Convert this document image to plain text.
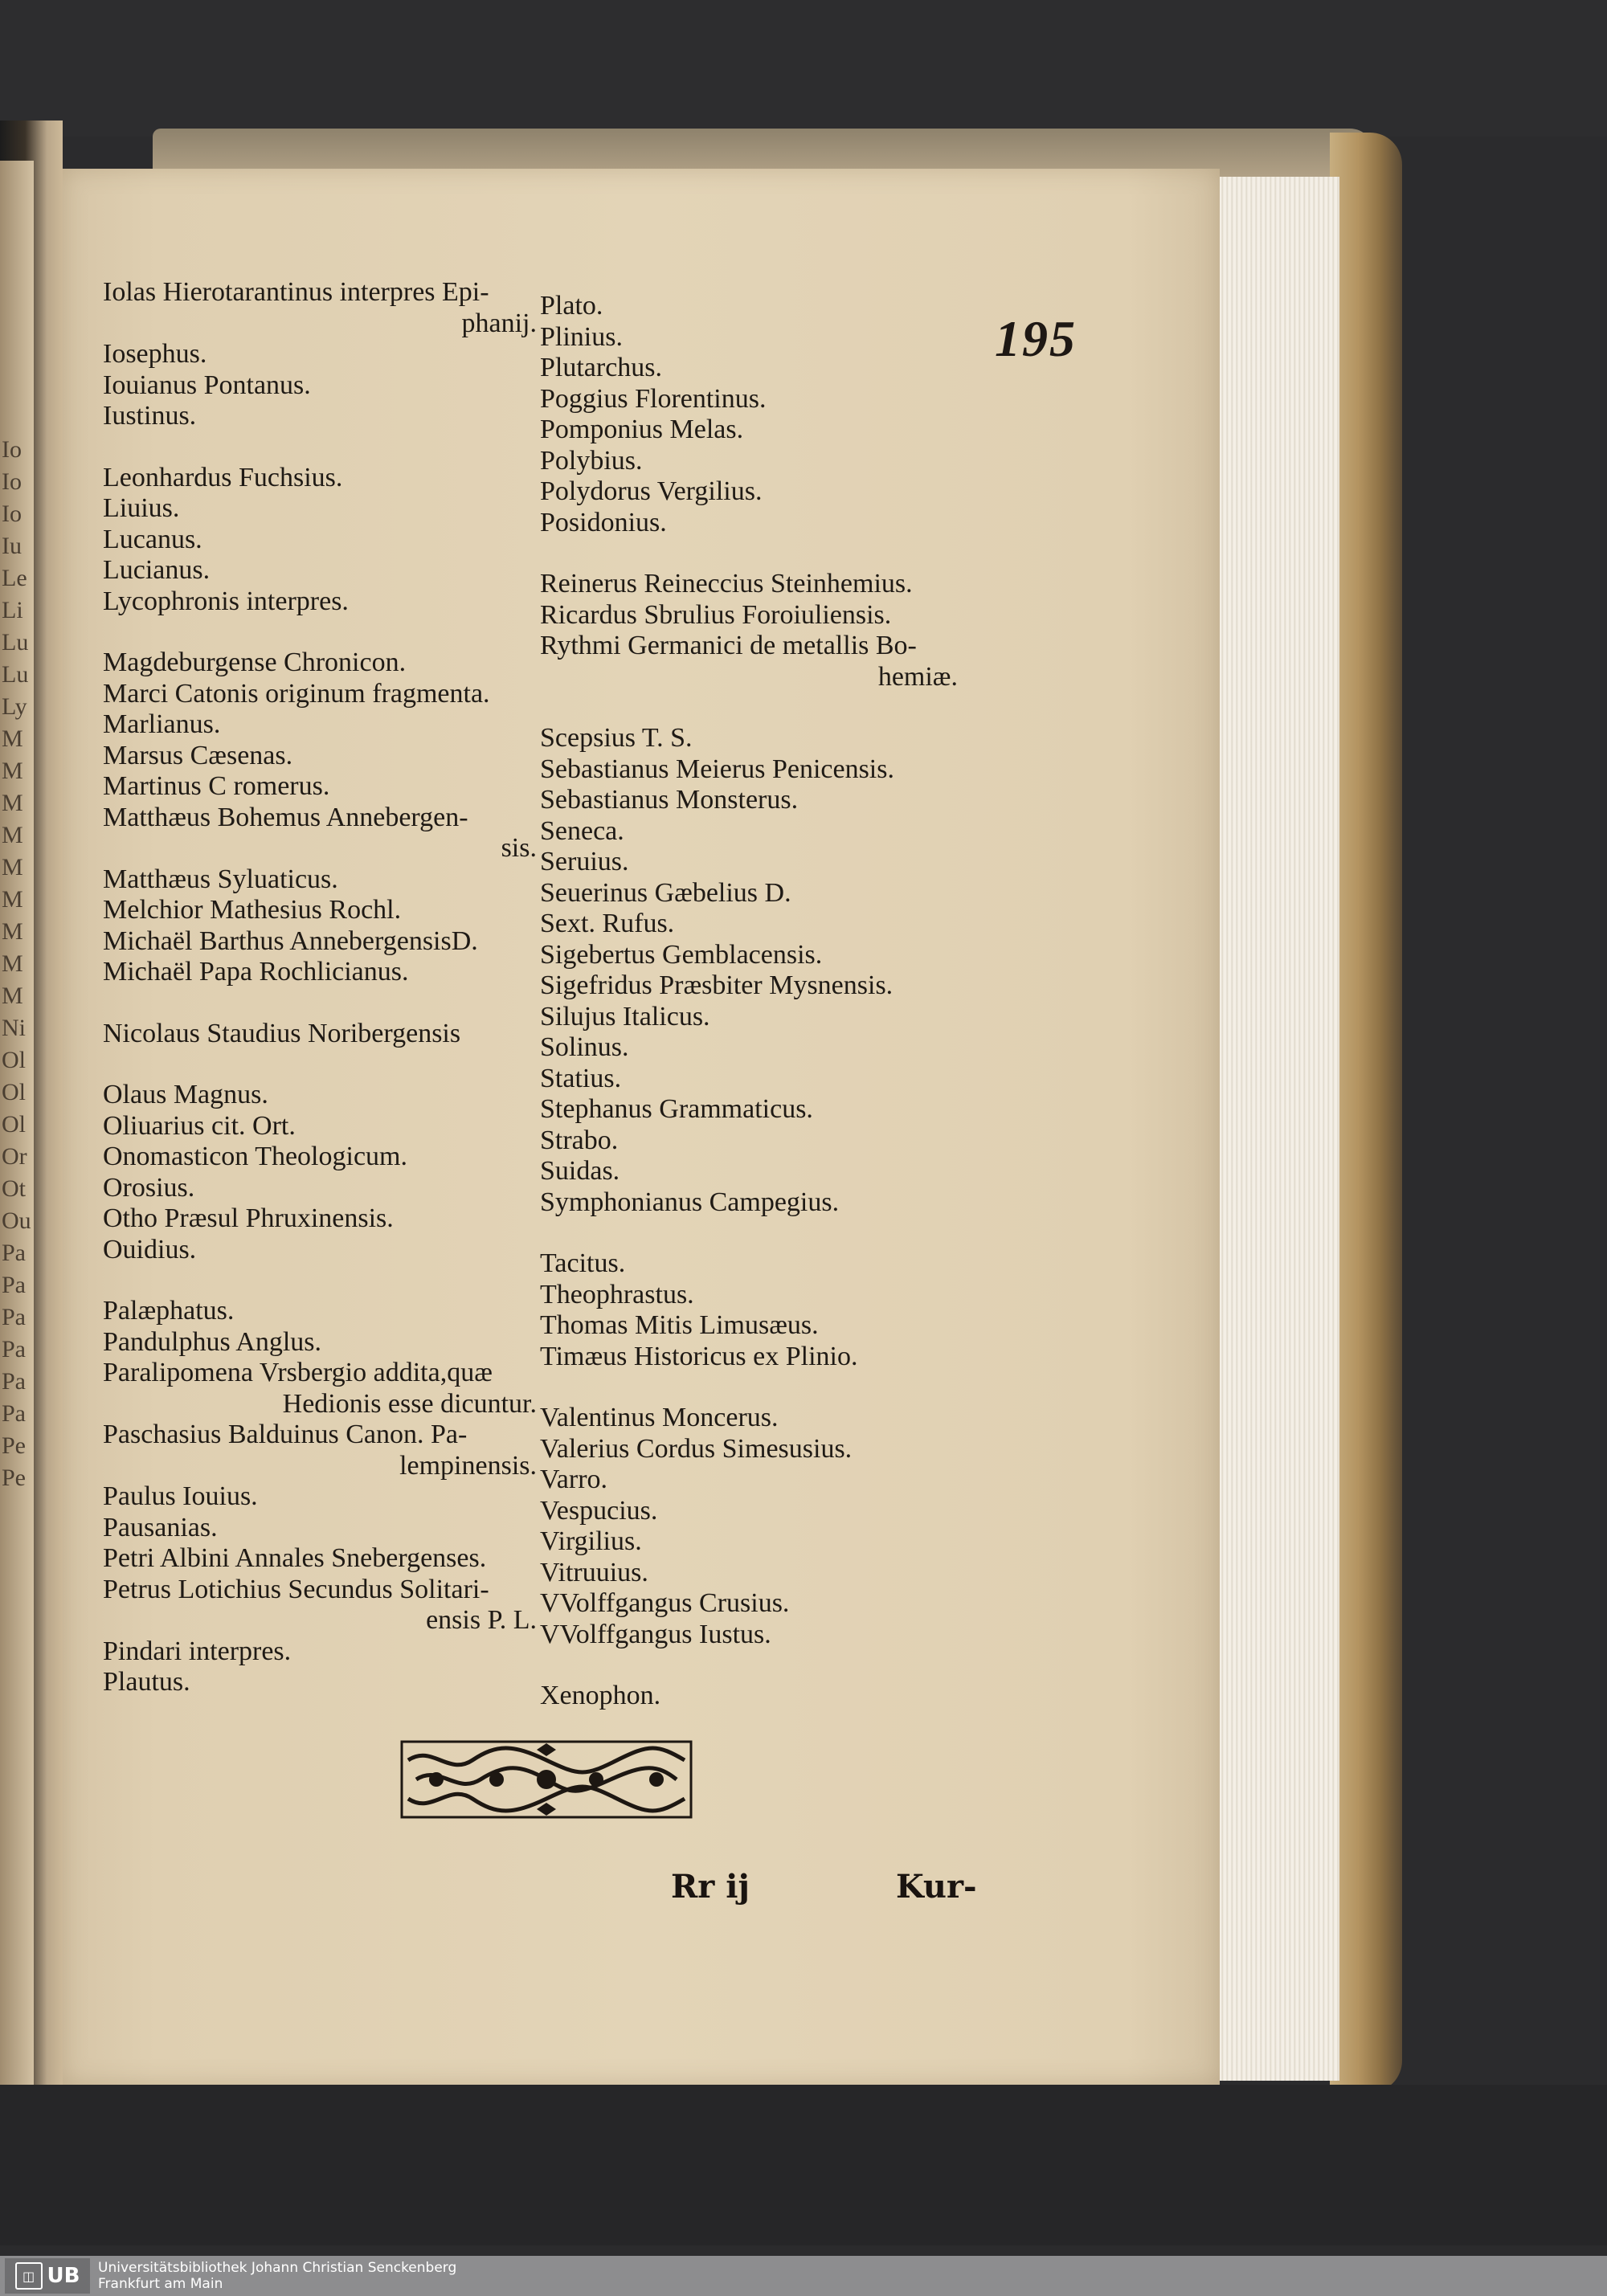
Io
Io
Io
Iu
Le
Li
Lu
Lu
Ly
M
M
M
M
M
M
M
M
M
Ni
Ol
Ol
Ol
Or
Ot
Ou
Pa
Pa
Pa
Pa
Pa
Pa
Pe
Pe
195
Iolas Hierotarantinus interpres Epi-
phanij.
Iosephus.
Iouianus Pontanus.
Iustinus.
Leonhardus Fuchsius.
Liuius.
Lucanus.
Lucianus.
Lycophronis interpres.
Magdeburgense Chronicon.
Marci Catonis originum fragmenta.
Marlianus.
Marsus Cæsenas.
Martinus C romerus.
Matthæus Bohemus Annebergen-
sis.
Matthæus Syluaticus.
Melchior Mathesius Rochl.
Michaël Barthus AnnebergensisD.
Michaël Papa Rochlicianus.
Nicolaus Staudius Noribergensis
Olaus Magnus.
Oliuarius cit. Ort.
Onomasticon Theologicum.
Orosius.
Otho Præsul Phruxinensis.
Ouidius.
Palæphatus.
Pandulphus Anglus.
Paralipomena Vrsbergio addita,quæ
Hedionis esse dicuntur.
Paschasius Balduinus Canon. Pa-
lempinensis.
Paulus Iouius.
Pausanias.
Petri Albini Annales Snebergenses.
Petrus Lotichius Secundus Solitari-
ensis P. L.
Pindari interpres.
Plautus.
Plato.
Plinius.
Plutarchus.
Poggius Florentinus.
Pomponius Melas.
Polybius.
Polydorus Vergilius.
Posidonius.
Reinerus Reineccius Steinhemius.
Ricardus Sbrulius Foroiuliensis.
Rythmi Germanici de metallis Bo-
hemiæ.
Scepsius T. S.
Sebastianus Meierus Penicensis.
Sebastianus Monsterus.
Seneca.
Seruius.
Seuerinus Gæbelius D.
Sext. Rufus.
Sigebertus Gemblacensis.
Sigefridus Præsbiter Mysnensis.
Silujus Italicus.
Solinus.
Statius.
Stephanus Grammaticus.
Strabo.
Suidas.
Symphonianus Campegius.
Tacitus.
Theophrastus.
Thomas Mitis Limusæus.
Timæus Historicus ex Plinio.
Valentinus Moncerus.
Valerius Cordus Simesusius.
Varro.
Vespucius.
Virgilius.
Vitruuius.
VVolffgangus Crusius.
VVolffgangus Iustus.
Xenophon.
Rr ij	Kur-
◫ UB Universitätsbibliothek Johann Christian Senckenberg
Frankfurt am Main
